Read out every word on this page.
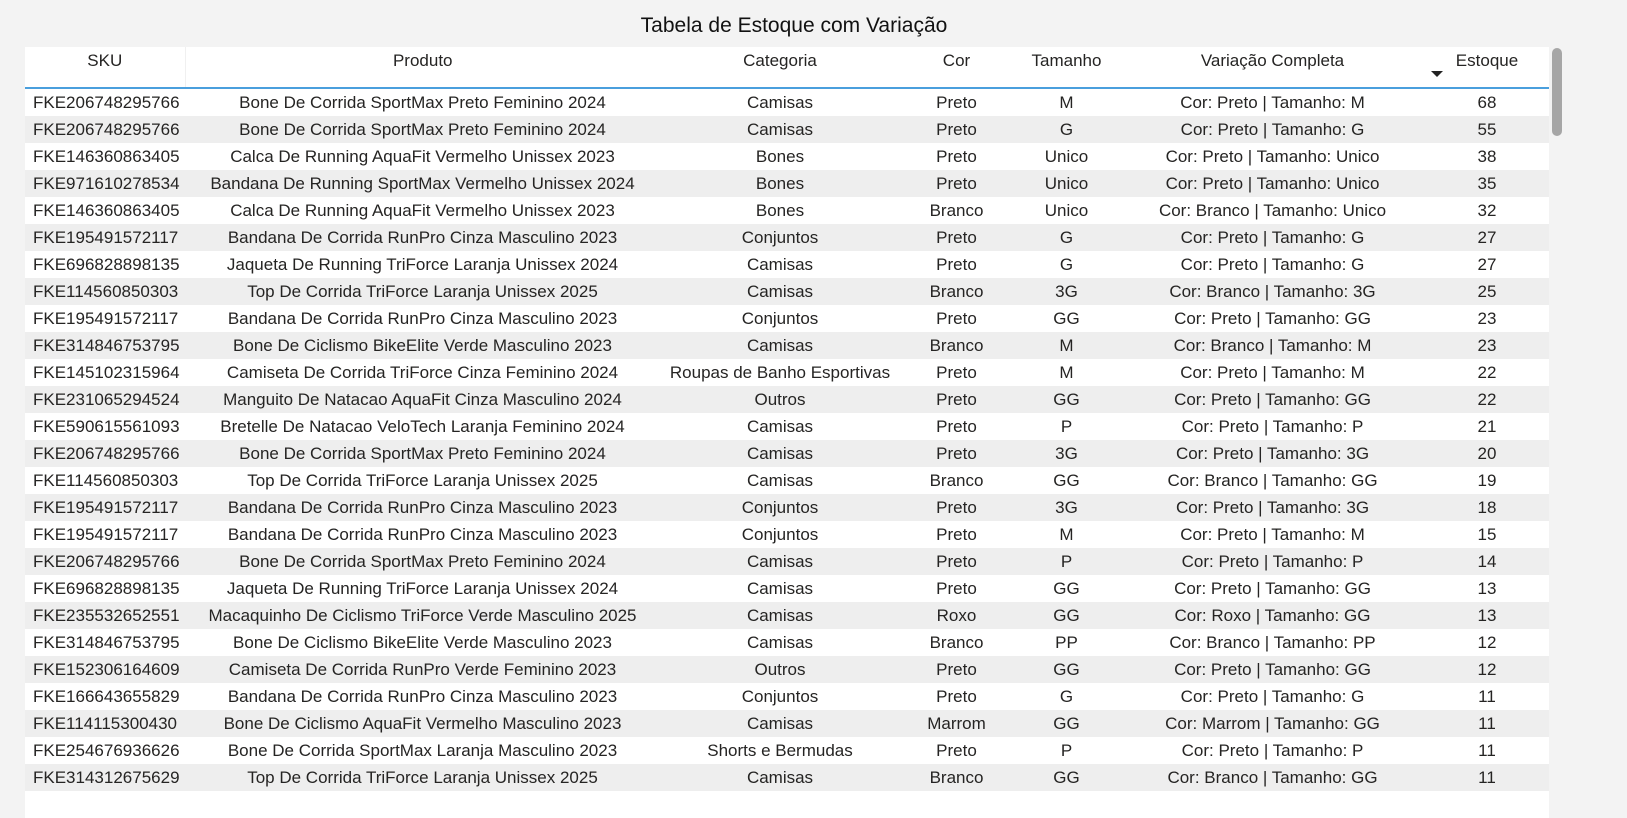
Tabela de Estoque com Variação
SKU	Produto	Categoria	Cor	Tamanho	Variação Completa	Estoque
FKE206748295766	Bone De Corrida SportMax Preto Feminino 2024	Camisas	Preto	M	Cor: Preto | Tamanho: M	68
FKE206748295766	Bone De Corrida SportMax Preto Feminino 2024	Camisas	Preto	G	Cor: Preto | Tamanho: G	55
FKE146360863405	Calca De Running AquaFit Vermelho Unissex 2023	Bones	Preto	Unico	Cor: Preto | Tamanho: Unico	38
FKE971610278534	Bandana De Running SportMax Vermelho Unissex 2024	Bones	Preto	Unico	Cor: Preto | Tamanho: Unico	35
FKE146360863405	Calca De Running AquaFit Vermelho Unissex 2023	Bones	Branco	Unico	Cor: Branco | Tamanho: Unico	32
FKE195491572117	Bandana De Corrida RunPro Cinza Masculino 2023	Conjuntos	Preto	G	Cor: Preto | Tamanho: G	27
FKE696828898135	Jaqueta De Running TriForce Laranja Unissex 2024	Camisas	Preto	G	Cor: Preto | Tamanho: G	27
FKE114560850303	Top De Corrida TriForce Laranja Unissex 2025	Camisas	Branco	3G	Cor: Branco | Tamanho: 3G	25
FKE195491572117	Bandana De Corrida RunPro Cinza Masculino 2023	Conjuntos	Preto	GG	Cor: Preto | Tamanho: GG	23
FKE314846753795	Bone De Ciclismo BikeElite Verde Masculino 2023	Camisas	Branco	M	Cor: Branco | Tamanho: M	23
FKE145102315964	Camiseta De Corrida TriForce Cinza Feminino 2024	Roupas de Banho Esportivas	Preto	M	Cor: Preto | Tamanho: M	22
FKE231065294524	Manguito De Natacao AquaFit Cinza Masculino 2024	Outros	Preto	GG	Cor: Preto | Tamanho: GG	22
FKE590615561093	Bretelle De Natacao VeloTech Laranja Feminino 2024	Camisas	Preto	P	Cor: Preto | Tamanho: P	21
FKE206748295766	Bone De Corrida SportMax Preto Feminino 2024	Camisas	Preto	3G	Cor: Preto | Tamanho: 3G	20
FKE114560850303	Top De Corrida TriForce Laranja Unissex 2025	Camisas	Branco	GG	Cor: Branco | Tamanho: GG	19
FKE195491572117	Bandana De Corrida RunPro Cinza Masculino 2023	Conjuntos	Preto	3G	Cor: Preto | Tamanho: 3G	18
FKE195491572117	Bandana De Corrida RunPro Cinza Masculino 2023	Conjuntos	Preto	M	Cor: Preto | Tamanho: M	15
FKE206748295766	Bone De Corrida SportMax Preto Feminino 2024	Camisas	Preto	P	Cor: Preto | Tamanho: P	14
FKE696828898135	Jaqueta De Running TriForce Laranja Unissex 2024	Camisas	Preto	GG	Cor: Preto | Tamanho: GG	13
FKE235532652551	Macaquinho De Ciclismo TriForce Verde Masculino 2025	Camisas	Roxo	GG	Cor: Roxo | Tamanho: GG	13
FKE314846753795	Bone De Ciclismo BikeElite Verde Masculino 2023	Camisas	Branco	PP	Cor: Branco | Tamanho: PP	12
FKE152306164609	Camiseta De Corrida RunPro Verde Feminino 2023	Outros	Preto	GG	Cor: Preto | Tamanho: GG	12
FKE166643655829	Bandana De Corrida RunPro Cinza Masculino 2023	Conjuntos	Preto	G	Cor: Preto | Tamanho: G	11
FKE114115300430	Bone De Ciclismo AquaFit Vermelho Masculino 2023	Camisas	Marrom	GG	Cor: Marrom | Tamanho: GG	11
FKE254676936626	Bone De Corrida SportMax Laranja Masculino 2023	Shorts e Bermudas	Preto	P	Cor: Preto | Tamanho: P	11
FKE314312675629	Top De Corrida TriForce Laranja Unissex 2025	Camisas	Branco	GG	Cor: Branco | Tamanho: GG	11
